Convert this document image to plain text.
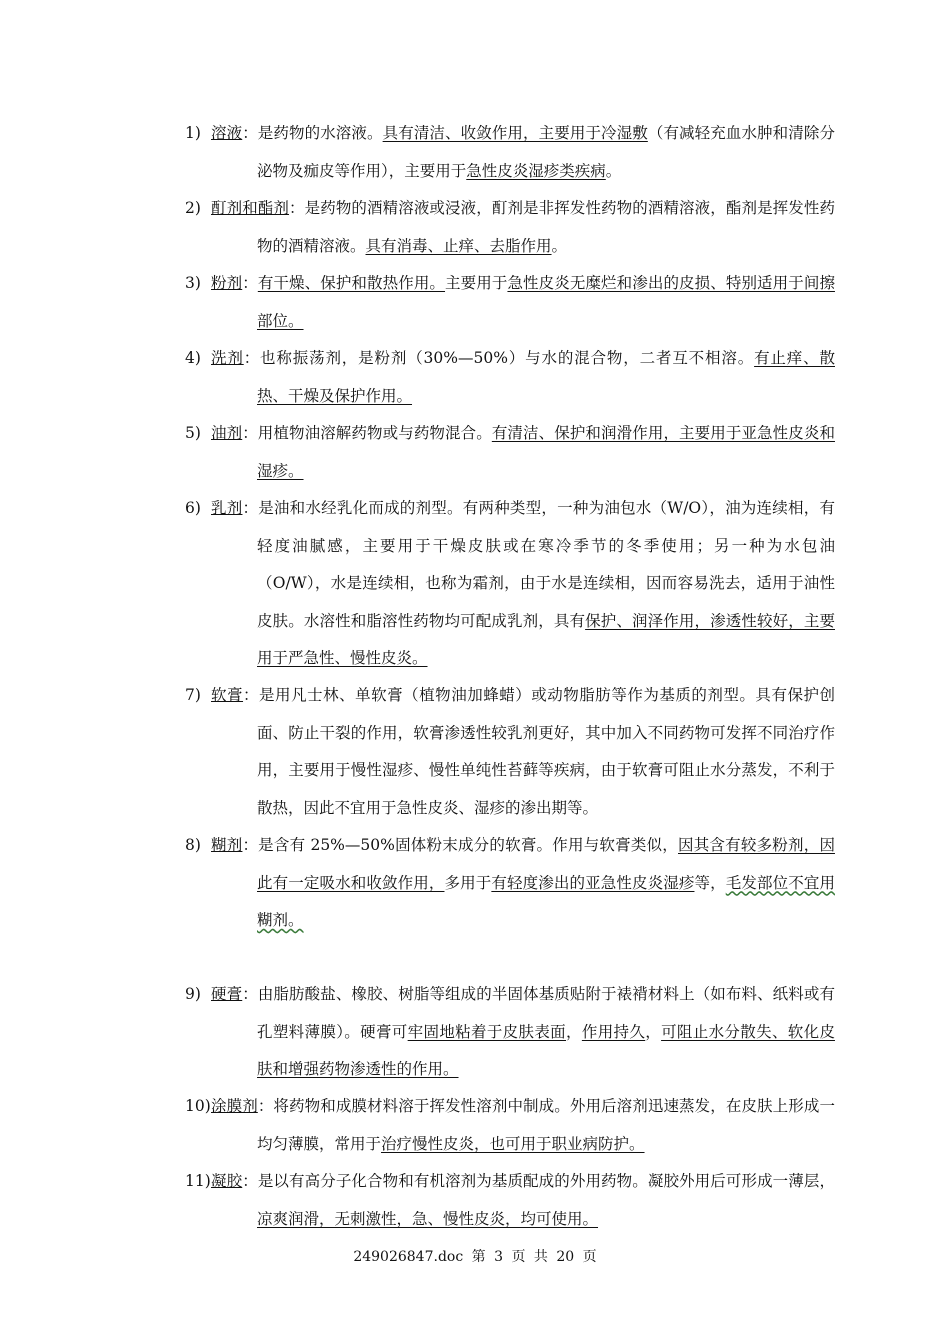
1) 溶液：是药物的水溶液。具有清洁、收敛作用，主要用于冷湿敷（有减轻充血水肿和清除分泌物及痂皮等作用），主要用于急性皮炎湿疹类疾病。
2) 酊剂和酯剂：是药物的酒精溶液或浸液，酊剂是非挥发性药物的酒精溶液，酯剂是挥发性药物的酒精溶液。具有消毒、止痒、去脂作用。
3) 粉剂：有干燥、保护和散热作用。主要用于急性皮炎无糜烂和渗出的皮损、特别适用于间擦部位。
4) 洗剂：也称振荡剂，是粉剂（30%—50%）与水的混合物，二者互不相溶。有止痒、散热、干燥及保护作用。
5) 油剂：用植物油溶解药物或与药物混合。有清洁、保护和润滑作用，主要用于亚急性皮炎和湿疹。
6) 乳剂：是油和水经乳化而成的剂型。有两种类型，一种为油包水（W/O），油为连续相，有轻度油腻感，主要用于干燥皮肤或在寒冷季节的冬季使用；另一种为水包油（O/W），水是连续相，也称为霜剂，由于水是连续相，因而容易洗去，适用于油性皮肤。水溶性和脂溶性药物均可配成乳剂，具有保护、润泽作用，渗透性较好，主要用于严急性、慢性皮炎。
7) 软膏：是用凡士林、单软膏（植物油加蜂蜡）或动物脂肪等作为基质的剂型。具有保护创面、防止干裂的作用，软膏渗透性较乳剂更好，其中加入不同药物可发挥不同治疗作用，主要用于慢性湿疹、慢性单纯性苔藓等疾病，由于软膏可阻止水分蒸发，不利于散热，因此不宜用于急性皮炎、湿疹的渗出期等。
8) 糊剂：是含有 25%—50%固体粉末成分的软膏。作用与软膏类似，因其含有较多粉剂，因此有一定吸水和收敛作用，多用于有轻度渗出的亚急性皮炎湿疹等，毛发部位不宜用糊剂。
9) 硬膏：由脂肪酸盐、橡胶、树脂等组成的半固体基质贴附于裱褙材料上（如布料、纸料或有孔塑料薄膜）。硬膏可牢固地粘着于皮肤表面，作用持久，可阻止水分散失、软化皮肤和增强药物渗透性的作用。
10) 涂膜剂：将药物和成膜材料溶于挥发性溶剂中制成。外用后溶剂迅速蒸发，在皮肤上形成一均匀薄膜，常用于治疗慢性皮炎，也可用于职业病防护。
11) 凝胶：是以有高分子化合物和有机溶剂为基质配成的外用药物。凝胶外用后可形成一薄层，凉爽润滑，无刺激性，急、慢性皮炎，均可使用。
249026847.doc 第 3 页 共 20 页
